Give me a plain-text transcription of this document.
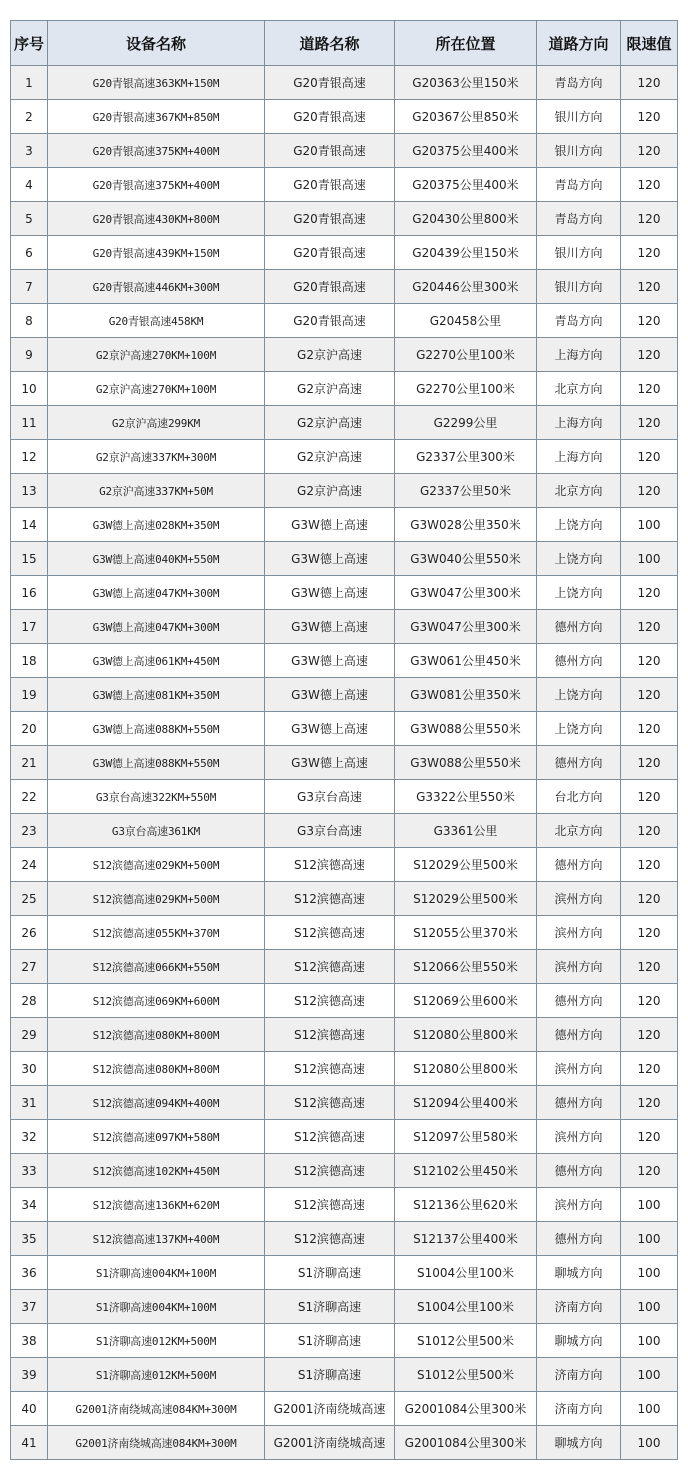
序号	设备名称	道路名称	所在位置	道路方向	限速值
1	G20青银高速363KM+150M	G20青银高速	G20363公里150米	青岛方向	120
2	G20青银高速367KM+850M	G20青银高速	G20367公里850米	银川方向	120
3	G20青银高速375KM+400M	G20青银高速	G20375公里400米	银川方向	120
4	G20青银高速375KM+400M	G20青银高速	G20375公里400米	青岛方向	120
5	G20青银高速430KM+800M	G20青银高速	G20430公里800米	青岛方向	120
6	G20青银高速439KM+150M	G20青银高速	G20439公里150米	银川方向	120
7	G20青银高速446KM+300M	G20青银高速	G20446公里300米	银川方向	120
8	G20青银高速458KM	G20青银高速	G20458公里	青岛方向	120
9	G2京沪高速270KM+100M	G2京沪高速	G2270公里100米	上海方向	120
10	G2京沪高速270KM+100M	G2京沪高速	G2270公里100米	北京方向	120
11	G2京沪高速299KM	G2京沪高速	G2299公里	上海方向	120
12	G2京沪高速337KM+300M	G2京沪高速	G2337公里300米	上海方向	120
13	G2京沪高速337KM+50M	G2京沪高速	G2337公里50米	北京方向	120
14	G3W德上高速028KM+350M	G3W德上高速	G3W028公里350米	上饶方向	100
15	G3W德上高速040KM+550M	G3W德上高速	G3W040公里550米	上饶方向	100
16	G3W德上高速047KM+300M	G3W德上高速	G3W047公里300米	上饶方向	120
17	G3W德上高速047KM+300M	G3W德上高速	G3W047公里300米	德州方向	120
18	G3W德上高速061KM+450M	G3W德上高速	G3W061公里450米	德州方向	120
19	G3W德上高速081KM+350M	G3W德上高速	G3W081公里350米	上饶方向	120
20	G3W德上高速088KM+550M	G3W德上高速	G3W088公里550米	上饶方向	120
21	G3W德上高速088KM+550M	G3W德上高速	G3W088公里550米	德州方向	120
22	G3京台高速322KM+550M	G3京台高速	G3322公里550米	台北方向	120
23	G3京台高速361KM	G3京台高速	G3361公里	北京方向	120
24	S12滨德高速029KM+500M	S12滨德高速	S12029公里500米	德州方向	120
25	S12滨德高速029KM+500M	S12滨德高速	S12029公里500米	滨州方向	120
26	S12滨德高速055KM+370M	S12滨德高速	S12055公里370米	滨州方向	120
27	S12滨德高速066KM+550M	S12滨德高速	S12066公里550米	滨州方向	120
28	S12滨德高速069KM+600M	S12滨德高速	S12069公里600米	德州方向	120
29	S12滨德高速080KM+800M	S12滨德高速	S12080公里800米	德州方向	120
30	S12滨德高速080KM+800M	S12滨德高速	S12080公里800米	滨州方向	120
31	S12滨德高速094KM+400M	S12滨德高速	S12094公里400米	德州方向	120
32	S12滨德高速097KM+580M	S12滨德高速	S12097公里580米	滨州方向	120
33	S12滨德高速102KM+450M	S12滨德高速	S12102公里450米	德州方向	120
34	S12滨德高速136KM+620M	S12滨德高速	S12136公里620米	滨州方向	100
35	S12滨德高速137KM+400M	S12滨德高速	S12137公里400米	德州方向	100
36	S1济聊高速004KM+100M	S1济聊高速	S1004公里100米	聊城方向	100
37	S1济聊高速004KM+100M	S1济聊高速	S1004公里100米	济南方向	100
38	S1济聊高速012KM+500M	S1济聊高速	S1012公里500米	聊城方向	100
39	S1济聊高速012KM+500M	S1济聊高速	S1012公里500米	济南方向	100
40	G2001济南绕城高速084KM+300M	G2001济南绕城高速	G2001084公里300米	济南方向	100
41	G2001济南绕城高速084KM+300M	G2001济南绕城高速	G2001084公里300米	聊城方向	100
